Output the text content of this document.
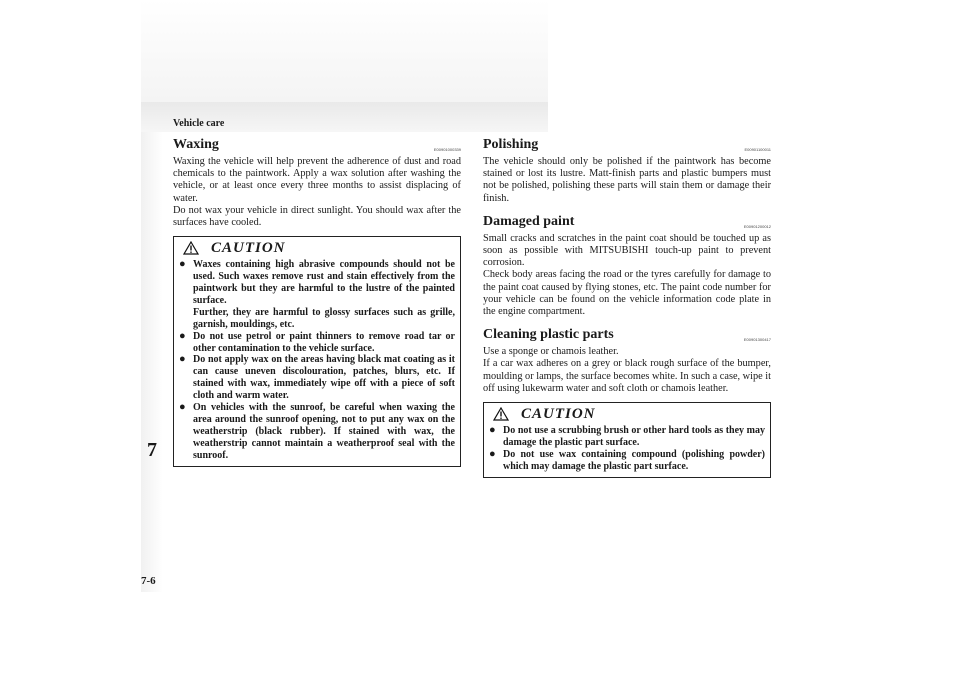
Vehicle care
7
7-6
Waxing	E00901000339

Waxing the vehicle will help prevent the adherence of dust and road chemicals to the paintwork. Apply a wax solution after washing the vehicle, or at least once every three months to assist displacing of water.

Do not wax your vehicle in direct sunlight. You should wax after the surfaces have cooled.

CAUTION
● Waxes containing high abrasive compounds should not be used. Such waxes remove rust and stain effectively from the paintwork but they are harmful to the lustre of the painted surface.
Further, they are harmful to glossy surfaces such as grille, garnish, mouldings, etc.
● Do not use petrol or paint thinners to remove road tar or other contamination to the vehicle surface.
● Do not apply wax on the areas having black mat coating as it can cause uneven discolouration, patches, blurs, etc. If stained with wax, immediately wipe off with a piece of soft cloth and warm water.
● On vehicles with the sunroof, be careful when waxing the area around the sunroof opening, not to put any wax on the weatherstrip (black rubber). If stained with wax, the weatherstrip cannot maintain a weatherproof seal with the sunroof.
Polishing	E00901100011

The vehicle should only be polished if the paintwork has become stained or lost its lustre. Matt-finish parts and plastic bumpers must not be polished, polishing these parts will stain them or damage their finish.

Damaged paint	E00901200012

Small cracks and scratches in the paint coat should be touched up as soon as possible with MITSUBISHI touch-up paint to prevent corrosion.

Check body areas facing the road or the tyres carefully for damage to the paint coat caused by flying stones, etc. The paint code number for your vehicle can be found on the vehicle information code plate in the engine compartment.

Cleaning plastic parts	E00901300417

Use a sponge or chamois leather.

If a car wax adheres on a grey or black rough surface of the bumper, moulding or lamps, the surface becomes white. In such a case, wipe it off using lukewarm water and soft cloth or chamois leather.

CAUTION
● Do not use a scrubbing brush or other hard tools as they may damage the plastic part surface.
● Do not use wax containing compound (polishing powder) which may damage the plastic part surface.
